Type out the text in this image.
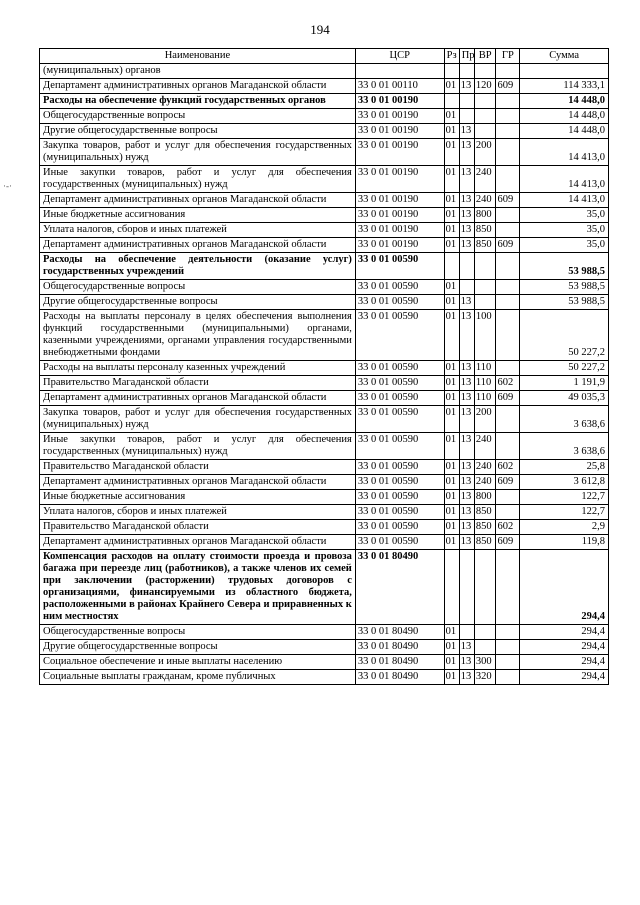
194
·-·
Наименование	ЦСР	Рз	Пр	ВР	ГР	Сумма
(муниципальных) органов						
Департамент административных органов Магаданской области	33 0 01 00110	01	13	120	609	114 333,1
Расходы на обеспечение функций государственных органов	33 0 01 00190					14 448,0
Общегосударственные вопросы	33 0 01 00190	01				14 448,0
Другие общегосударственные вопросы	33 0 01 00190	01	13			14 448,0
Закупка товаров, работ и услуг для обеспечения государственных (муниципальных) нужд	33 0 01 00190	01	13	200		14 413,0
Иные закупки товаров, работ и услуг для обеспечения государственных (муниципальных) нужд	33 0 01 00190	01	13	240		14 413,0
Департамент административных органов Магаданской области	33 0 01 00190	01	13	240	609	14 413,0
Иные бюджетные ассигнования	33 0 01 00190	01	13	800		35,0
Уплата налогов, сборов и иных платежей	33 0 01 00190	01	13	850		35,0
Департамент административных органов Магаданской области	33 0 01 00190	01	13	850	609	35,0
Расходы на обеспечение деятельности (оказание услуг) государственных учреждений	33 0 01 00590					53 988,5
Общегосударственные вопросы	33 0 01 00590	01				53 988,5
Другие общегосударственные вопросы	33 0 01 00590	01	13			53 988,5
Расходы на выплаты персоналу в целях обеспечения выполнения функций государственными (муниципальными) органами, казенными учреждениями, органами управления государственными внебюджетными фондами	33 0 01 00590	01	13	100		50 227,2
Расходы на выплаты персоналу казенных учреждений	33 0 01 00590	01	13	110		50 227,2
Правительство Магаданской области	33 0 01 00590	01	13	110	602	1 191,9
Департамент административных органов Магаданской области	33 0 01 00590	01	13	110	609	49 035,3
Закупка товаров, работ и услуг для обеспечения государственных (муниципальных) нужд	33 0 01 00590	01	13	200		3 638,6
Иные закупки товаров, работ и услуг для обеспечения государственных (муниципальных) нужд	33 0 01 00590	01	13	240		3 638,6
Правительство Магаданской области	33 0 01 00590	01	13	240	602	25,8
Департамент административных органов Магаданской области	33 0 01 00590	01	13	240	609	3 612,8
Иные бюджетные ассигнования	33 0 01 00590	01	13	800		122,7
Уплата налогов, сборов и иных платежей	33 0 01 00590	01	13	850		122,7
Правительство Магаданской области	33 0 01 00590	01	13	850	602	2,9
Департамент административных органов Магаданской области	33 0 01 00590	01	13	850	609	119,8
Компенсация расходов на оплату стоимости проезда и провоза багажа при переезде лиц (работников), а также членов их семей при заключении (расторжении) трудовых договоров с организациями, финансируемыми из областного бюджета, расположенными в районах Крайнего Севера и приравненных к ним местностях	33 0 01 80490					294,4
Общегосударственные вопросы	33 0 01 80490	01				294,4
Другие общегосударственные вопросы	33 0 01 80490	01	13			294,4
Социальное обеспечение и иные выплаты населению	33 0 01 80490	01	13	300		294,4
Социальные выплаты гражданам, кроме публичных	33 0 01 80490	01	13	320		294,4
